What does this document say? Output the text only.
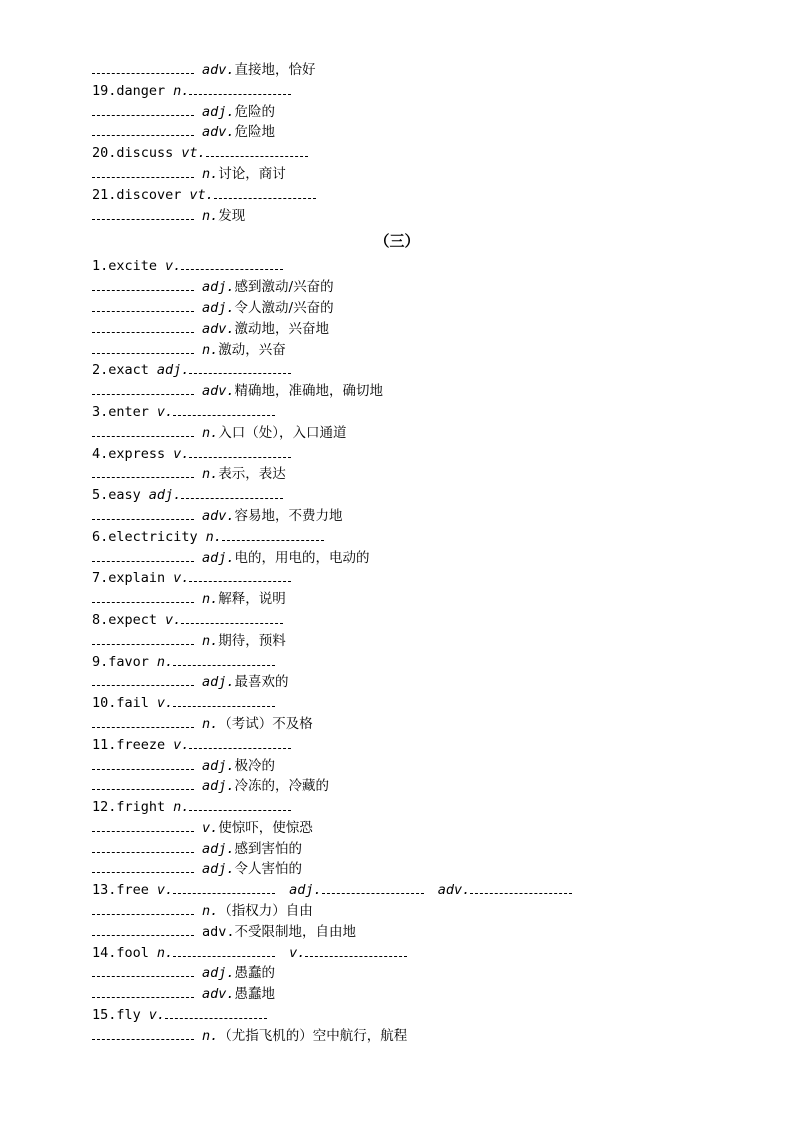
adv.直接地，恰好
19.danger n.
adj.危险的
adv.危险地
20.discuss vt.
n.讨论，商讨
21.discover vt.
n.发现
（三）
1.excite v.
adj.感到激动/兴奋的
adj.令人激动/兴奋的
adv.激动地，兴奋地
n.激动，兴奋
2.exact adj.
adv.精确地，准确地，确切地
3.enter v.
n.入口（处），入口通道
4.express v.
n.表示，表达
5.easy adj.
adv.容易地，不费力地
6.electricity n.
adj.电的，用电的，电动的
7.explain v.
n.解释，说明
8.expect v.
n.期待，预料
9.favor n.
adj.最喜欢的
10.fail v.
n.（考试）不及格
11.freeze v.
adj.极冷的
adj.冷冻的，冷藏的
12.fright n.
v.使惊吓，使惊恐
adj.感到害怕的
adj.令人害怕的
13.free v.	adj.	adv.
n.（指权力）自由
adv.不受限制地，自由地
14.fool n.	v.
adj.愚蠢的
adv.愚蠢地
15.fly v.
n.（尤指飞机的）空中航行，航程
